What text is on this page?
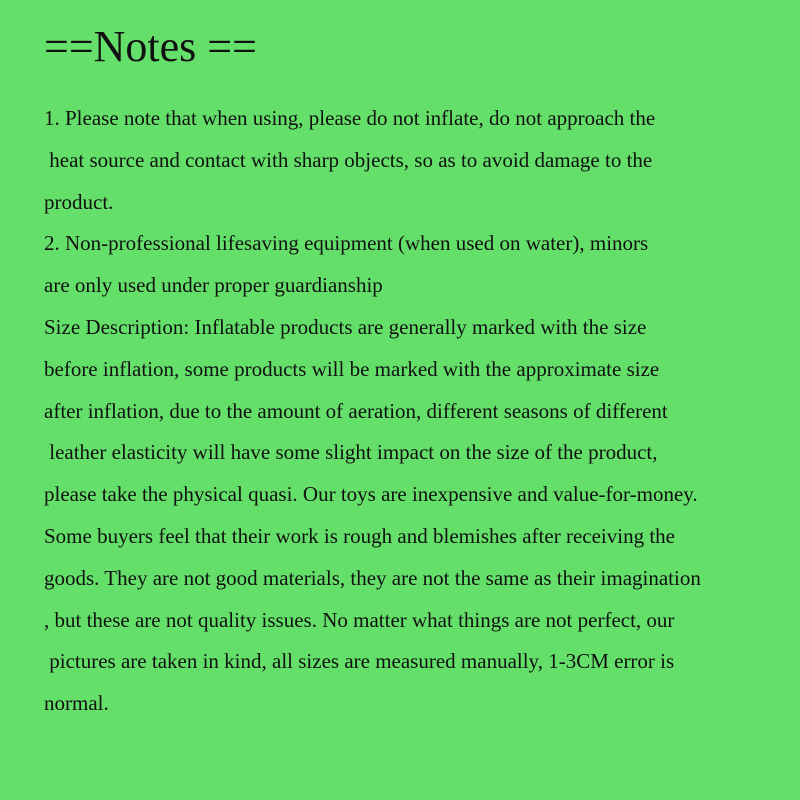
==Notes ==
1. Please note that when using, please do not inflate, do not approach the
heat source and contact with sharp objects, so as to avoid damage to the
product.
2. Non-professional lifesaving equipment (when used on water), minors
are only used under proper guardianship
Size Description: Inflatable products are generally marked with the size
before inflation, some products will be marked with the approximate size
after inflation, due to the amount of aeration, different seasons of different
leather elasticity will have some slight impact on the size of the product,
please take the physical quasi. Our toys are inexpensive and value-for-money.
Some buyers feel that their work is rough and blemishes after receiving the
goods. They are not good materials, they are not the same as their imagination
, but these are not quality issues. No matter what things are not perfect, our
pictures are taken in kind, all sizes are measured manually, 1-3CM error is
normal.
